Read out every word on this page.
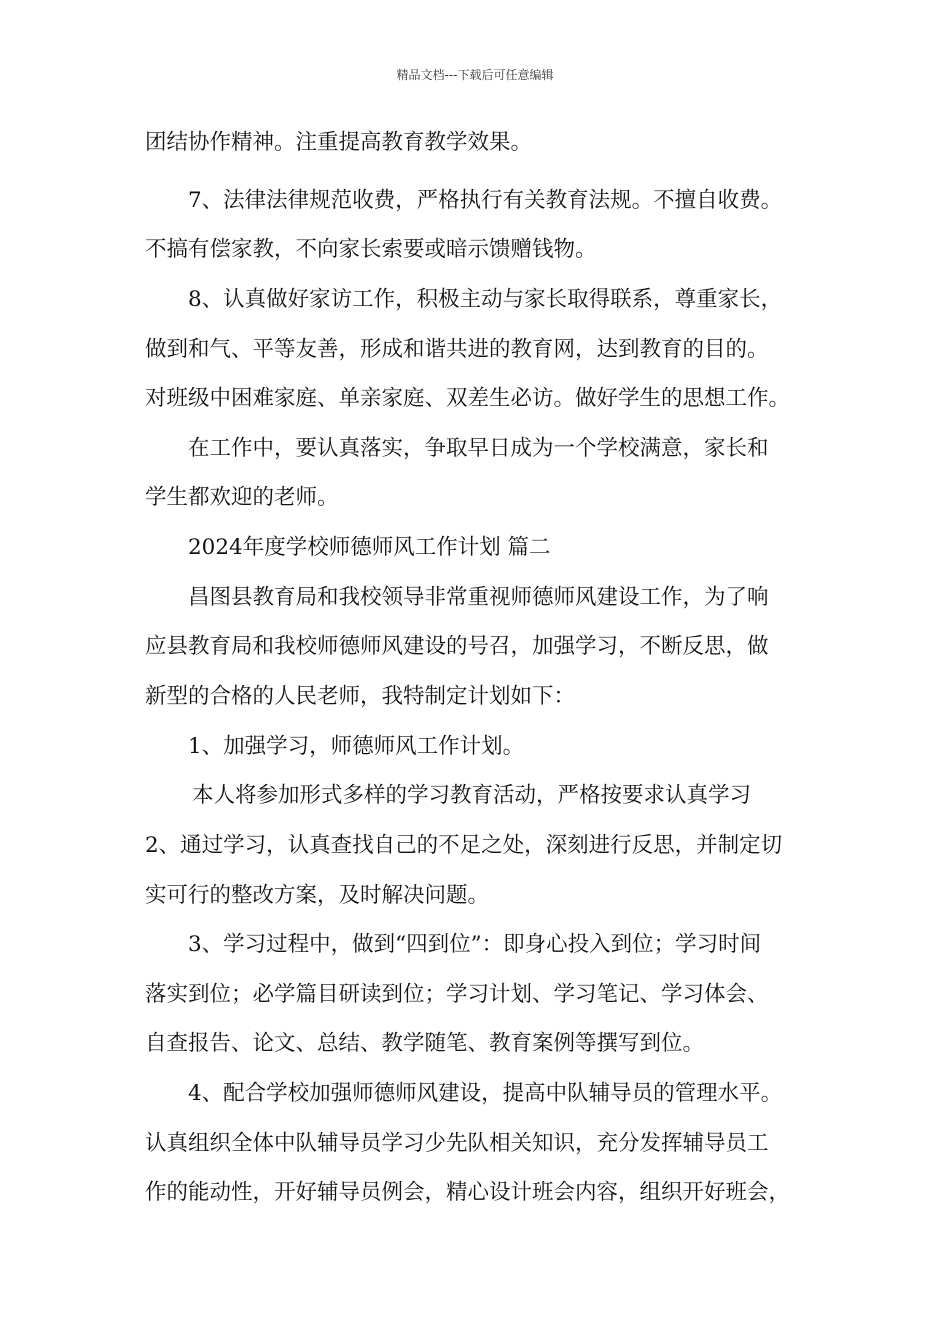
精品文档---下载后可任意编辑
团结协作精神。注重提高教育教学效果。
7、法律法律规范收费，严格执行有关教育法规。不擅自收费。
不搞有偿家教，不向家长索要或暗示馈赠钱物。
8、认真做好家访工作，积极主动与家长取得联系，尊重家长，
做到和气、平等友善，形成和谐共进的教育网，达到教育的目的。
对班级中困难家庭、单亲家庭、双差生必访。做好学生的思想工作。
在工作中，要认真落实，争取早日成为一个学校满意，家长和
学生都欢迎的老师。
2024年度学校师德师风工作计划 篇二
昌图县教育局和我校领导非常重视师德师风建设工作，为了响
应县教育局和我校师德师风建设的号召，加强学习，不断反思，做
新型的合格的人民老师，我特制定计划如下：
1、加强学习，师德师风工作计划。
本人将参加形式多样的学习教育活动，严格按要求认真学习
2、通过学习，认真查找自己的不足之处，深刻进行反思，并制定切
实可行的整改方案，及时解决问题。
3、学习过程中，做到“四到位”：即身心投入到位；学习时间
落实到位；必学篇目研读到位；学习计划、学习笔记、学习体会、
自查报告、论文、总结、教学随笔、教育案例等撰写到位。
4、配合学校加强师德师风建设，提高中队辅导员的管理水平。
认真组织全体中队辅导员学习少先队相关知识，充分发挥辅导员工
作的能动性，开好辅导员例会，精心设计班会内容，组织开好班会，
